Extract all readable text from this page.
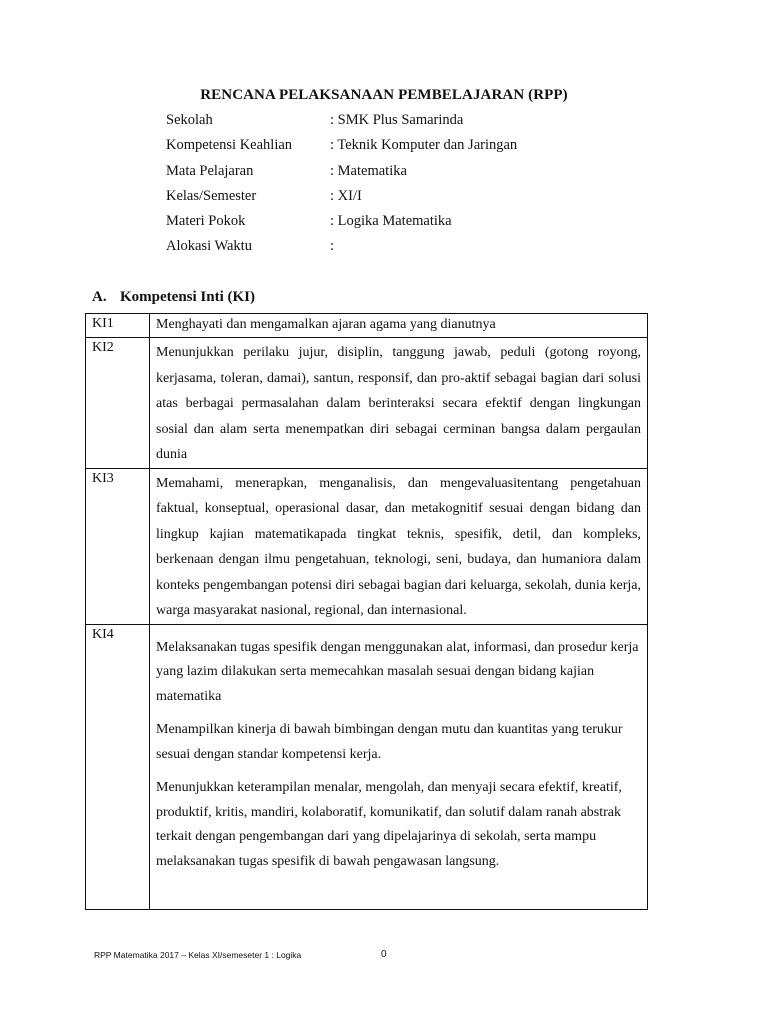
RENCANA PELAKSANAAN PEMBELAJARAN (RPP)
Sekolah	: SMK Plus Samarinda
Kompetensi Keahlian	: Teknik Komputer dan Jaringan
Mata Pelajaran	: Matematika
Kelas/Semester	: XI/I
Materi Pokok	: Logika Matematika
Alokasi Waktu	:
A. Kompetensi Inti (KI)
KI1	Menghayati dan mengamalkan ajaran agama yang dianutnya

KI2	Menunjukkan perilaku jujur, disiplin, tanggung jawab, peduli (gotong royong, kerjasama, toleran, damai), santun, responsif, dan pro-aktif sebagai bagian dari solusi atas berbagai permasalahan dalam berinteraksi secara efektif dengan lingkungan sosial dan alam serta menempatkan diri sebagai cerminan bangsa dalam pergaulan dunia

KI3	Memahami, menerapkan, menganalisis, dan mengevaluasitentang pengetahuan faktual, konseptual, operasional dasar, dan metakognitif sesuai dengan bidang dan lingkup kajian matematikapada tingkat teknis, spesifik, detil, dan kompleks, berkenaan dengan ilmu pengetahuan, teknologi, seni, budaya, dan humaniora dalam konteks pengembangan potensi diri sebagai bagian dari keluarga, sekolah, dunia kerja, warga masyarakat nasional, regional, dan internasional.

KI4	Melaksanakan tugas spesifik dengan menggunakan alat, informasi, dan prosedur kerja yang lazim dilakukan serta memecahkan masalah sesuai dengan bidang kajian matematika

Menampilkan kinerja di bawah bimbingan dengan mutu dan kuantitas yang terukur sesuai dengan standar kompetensi kerja.

Menunjukkan keterampilan menalar, mengolah, dan menyaji secara efektif, kreatif, produktif, kritis, mandiri, kolaboratif, komunikatif, dan solutif dalam ranah abstrak terkait dengan pengembangan dari yang dipelajarinya di sekolah, serta mampu melaksanakan tugas spesifik di bawah pengawasan langsung.

RPP Matematika 2017 – Kelas XI/semeseter 1 : Logika	0
